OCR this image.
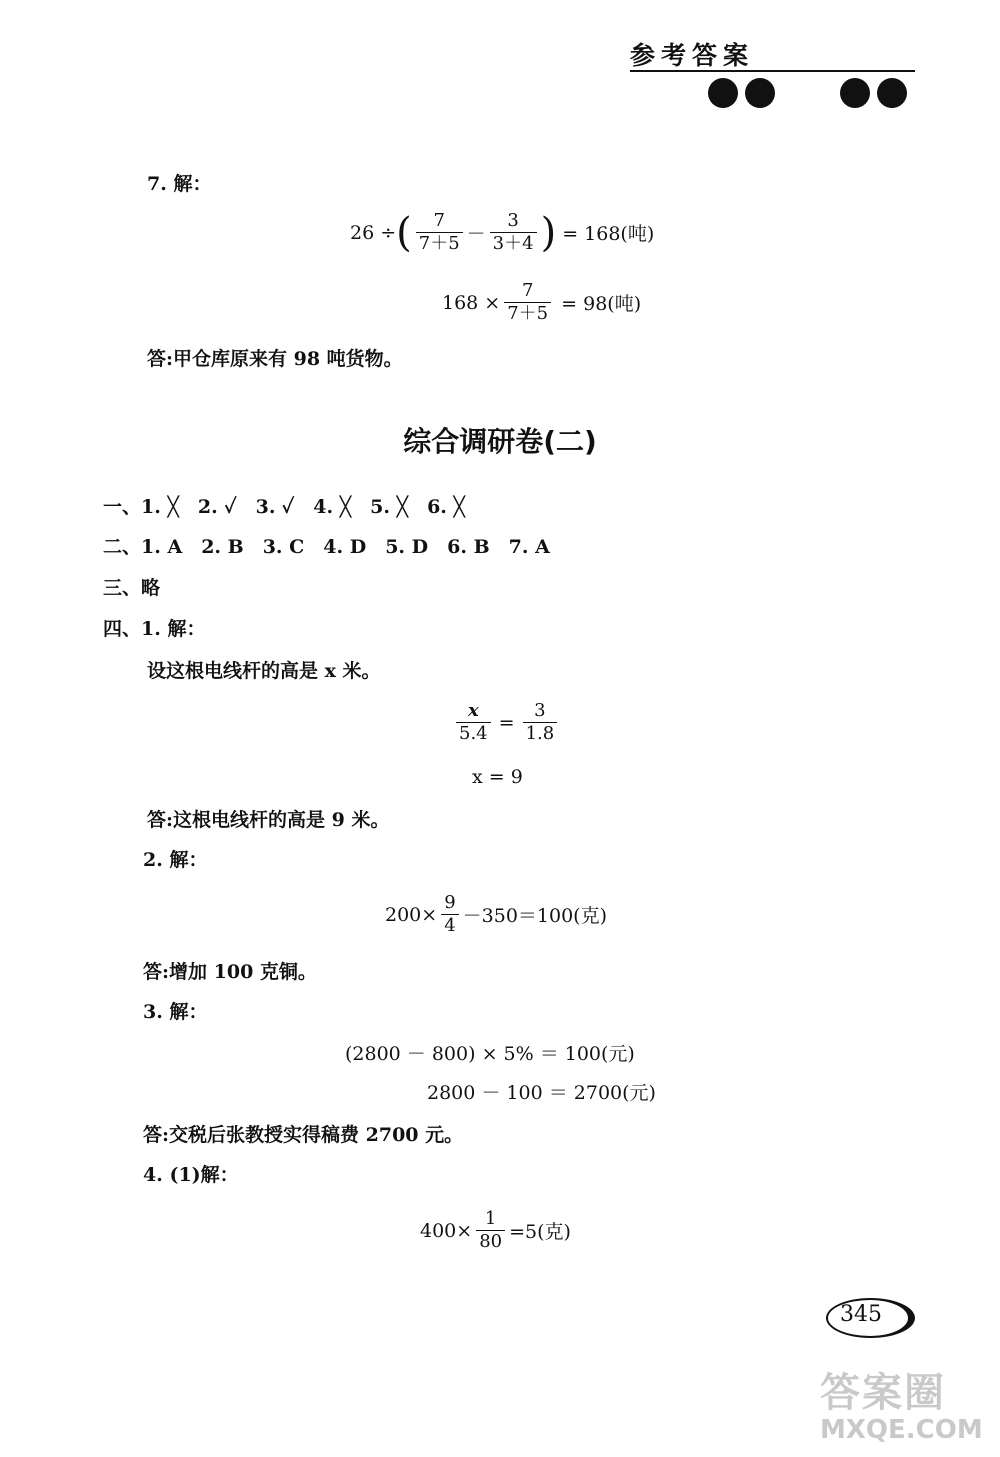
参考答案
7. 解：
26 ÷ ( $\frac{7}{7+5} - \frac{3}{3+4}$ ) = 168(吨)
$168 \times \frac{7}{7+5} = 98$(吨)
答:甲仓库原来有 98 吨货物。
综合调研卷(二)
一、1. ╳　2. ✓　3. ✓　4. ╳　5. ╳　6. ╳
二、1. A　2. B　3. C　4. D　5. D　6. B　7. A
三、略
四、1. 解：
设这根电线杆的高是 x 米。
$\frac{x}{5.4} = \frac{3}{1.8}$
x = 9
答:这根电线杆的高是 9 米。
2. 解：
$200\times \frac{9}{4} -350=100$(克)
答:增加 100 克铜。
3. 解：
(2800 － 800) × 5% ＝ 100(元)
2800 － 100 ＝ 2700(元)
答:交税后张教授实得稿费 2700 元。
4. (1)解：
$400\times \frac{1}{80} =5$(克)
345
答案圈
MXQE.COM
